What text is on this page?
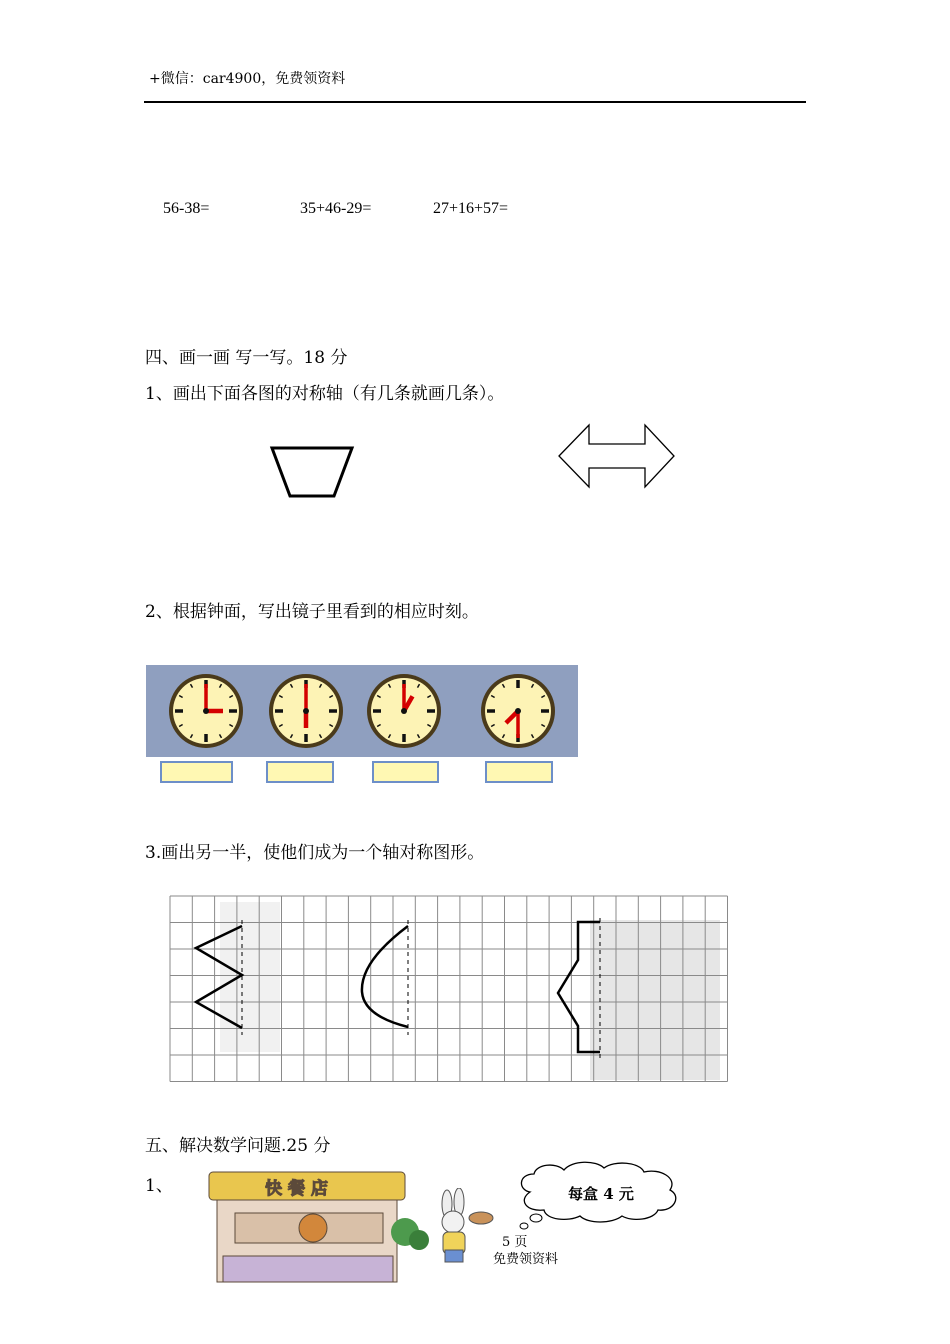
+微信：car4900，免费领资料
56-38=	35+46-29=	27+16+57=
四、画一画 写一写。18 分
1、画出下面各图的对称轴（有几条就画几条）。
2、根据钟面，写出镜子里看到的相应时刻。
3.画出另一半，使他们成为一个轴对称图形。
五、解决数学问题.25 分
1、	快餐店	每盒 4 元
5 页
免费领资料
